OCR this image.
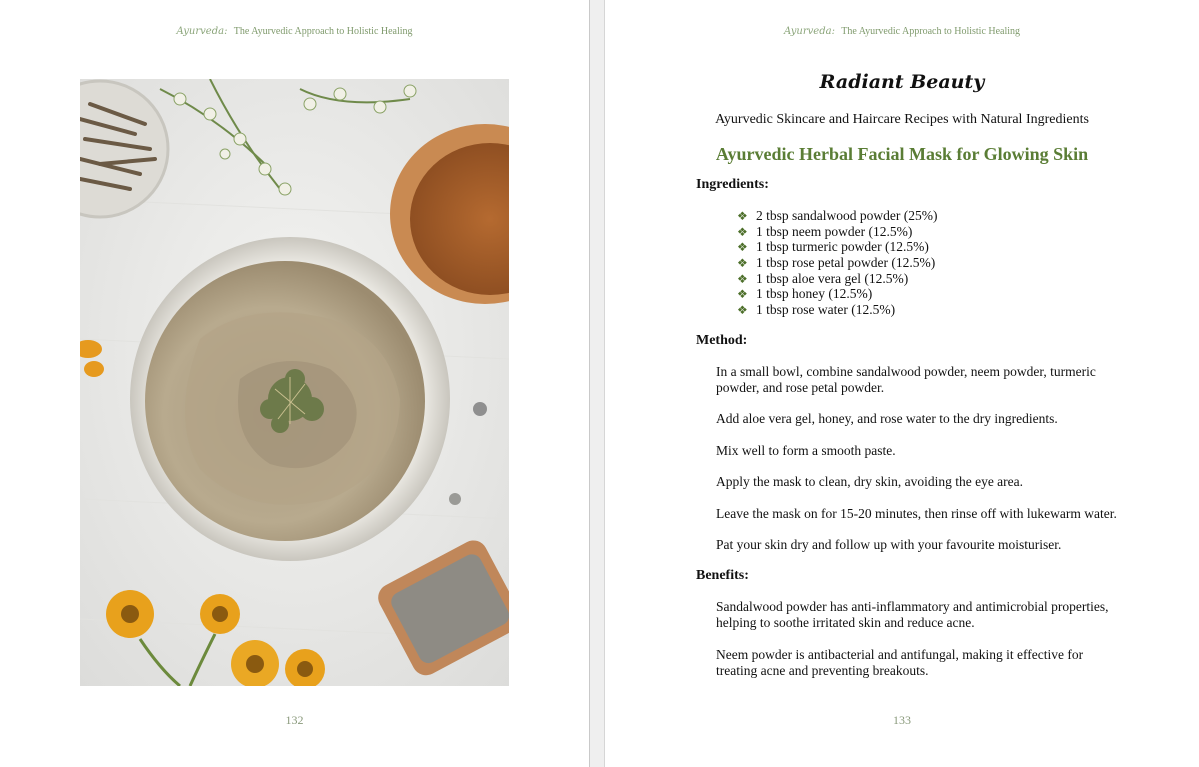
Ayurveda: The Ayurvedic Approach to Holistic Healing
132
Ayurveda: The Ayurvedic Approach to Holistic Healing
Radiant Beauty
Ayurvedic Skincare and Haircare Recipes with Natural Ingredients
Ayurvedic Herbal Facial Mask for Glowing Skin
Ingredients:
❖ 2 tbsp sandalwood powder (25%)
❖ 1 tbsp neem powder (12.5%)
❖ 1 tbsp turmeric powder (12.5%)
❖ 1 tbsp rose petal powder (12.5%)
❖ 1 tbsp aloe vera gel (12.5%)
❖ 1 tbsp honey (12.5%)
❖ 1 tbsp rose water (12.5%)
Method:
In a small bowl, combine sandalwood powder, neem powder, turmeric powder, and rose petal powder.
Add aloe vera gel, honey, and rose water to the dry ingredients.
Mix well to form a smooth paste.
Apply the mask to clean, dry skin, avoiding the eye area.
Leave the mask on for 15-20 minutes, then rinse off with lukewarm water.
Pat your skin dry and follow up with your favourite moisturiser.
Benefits:
Sandalwood powder has anti-inflammatory and antimicrobial properties, helping to soothe irritated skin and reduce acne.
Neem powder is antibacterial and antifungal, making it effective for treating acne and preventing breakouts.
133
